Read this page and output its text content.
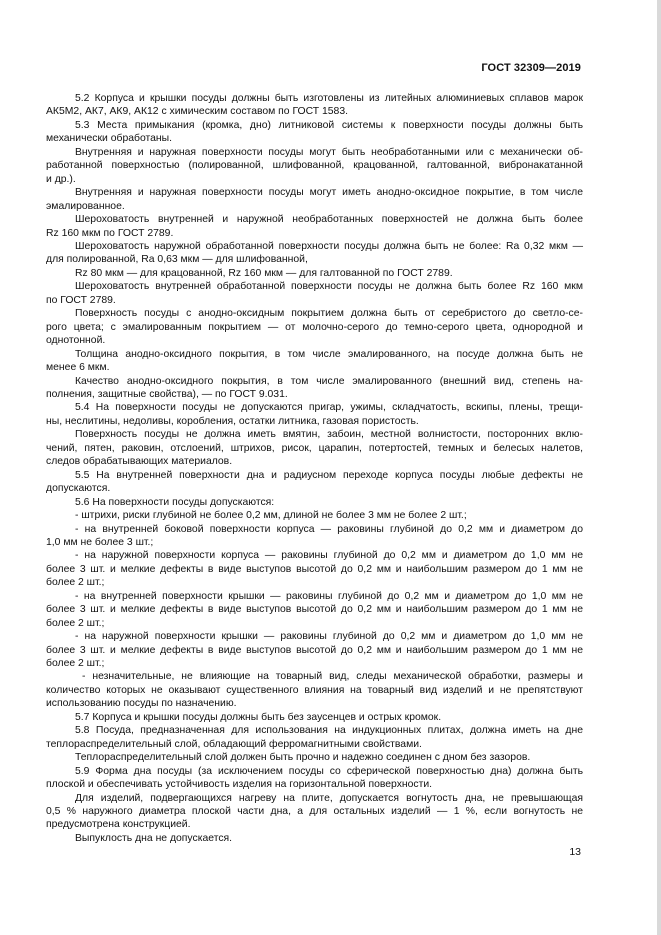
ГОСТ 32309—2019

5.2 Корпуса и крышки посуды должны быть изготовлены из литейных алюминиевых сплавов марок

АК5М2, АК7, АК9, АК12 с химическим составом по ГОСТ 1583.

5.3 Места примыкания (кромка, дно) литниковой системы к поверхности посуды должны быть

механически обработаны.

Внутренняя и наружная поверхности посуды могут быть необработанными или с механически об-

работанной поверхностью (полированной, шлифованной, крацованной, галтованной, вибронакатанной

и др.).

Внутренняя и наружная поверхности посуды могут иметь анодно-оксидное покрытие, в том числе

эмалированное.

Шероховатость внутренней и наружной необработанных поверхностей не должна быть более

Rz 160 мкм по ГОСТ 2789.

Шероховатость наружной обработанной поверхности посуды должна быть не более: Ra 0,32 мкм —

для полированной, Ra 0,63 мкм — для шлифованной,

Rz 80 мкм — для крацованной, Rz 160 мкм — для галтованной по ГОСТ 2789.

Шероховатость внутренней обработанной поверхности посуды не должна быть более Rz 160 мкм

по ГОСТ 2789.

Поверхность посуды с анодно-оксидным покрытием должна быть от серебристого до светло-се-

рого цвета; с эмалированным покрытием — от молочно-серого до темно-серого цвета, однородной и

однотонной.

Толщина анодно-оксидного покрытия, в том числе эмалированного, на посуде должна быть не

менее 6 мкм.

Качество анодно-оксидного покрытия, в том числе эмалированного (внешний вид, степень на-

полнения, защитные свойства), — по ГОСТ 9.031.

5.4 На поверхности посуды не допускаются пригар, ужимы, складчатость, вскипы, плены, трещи-

ны, неслитины, недоливы, коробления, остатки литника, газовая пористость.

Поверхность посуды не должна иметь вмятин, забоин, местной волнистости, посторонних вклю-

чений, пятен, раковин, отслоений, штрихов, рисок, царапин, потертостей, темных и белесых налетов,

следов обрабатывающих материалов.

5.5 На внутренней поверхности дна и радиусном переходе корпуса посуды любые дефекты не

допускаются.

5.6 На поверхности посуды допускаются:

- штрихи, риски глубиной не более 0,2 мм, длиной не более 3 мм не более 2 шт.;

- на внутренней боковой поверхности корпуса — раковины глубиной до 0,2 мм и диаметром до

1,0 мм не более 3 шт.;

- на наружной поверхности корпуса — раковины глубиной до 0,2 мм и диаметром до 1,0 мм не

более 3 шт. и мелкие дефекты в виде выступов высотой до 0,2 мм и наибольшим размером до 1 мм не

более 2 шт.;

- на внутренней поверхности крышки — раковины глубиной до 0,2 мм и диаметром до 1,0 мм не

более 3 шт. и мелкие дефекты в виде выступов высотой до 0,2 мм и наибольшим размером до 1 мм не

более 2 шт.;

- на наружной поверхности крышки — раковины глубиной до 0,2 мм и диаметром до 1,0 мм не

более 3 шт. и мелкие дефекты в виде выступов высотой до 0,2 мм и наибольшим размером до 1 мм не

более 2 шт.;

- незначительные, не влияющие на товарный вид, следы механической обработки, размеры и

количество которых не оказывают существенного влияния на товарный вид изделий и не препятствуют

использованию посуды по назначению.

5.7 Корпуса и крышки посуды должны быть без заусенцев и острых кромок.

5.8 Посуда, предназначенная для использования на индукционных плитах, должна иметь на дне

теплораспределительный слой, обладающий ферромагнитными свойствами.

Теплораспределительный слой должен быть прочно и надежно соединен с дном без зазоров.

5.9 Форма дна посуды (за исключением посуды со сферической поверхностью дна) должна быть

плоской и обеспечивать устойчивость изделия на горизонтальной поверхности.

Для изделий, подвергающихся нагреву на плите, допускается вогнутость дна, не превышающая

0,5 % наружного диаметра плоской части дна, а для остальных изделий — 1 %, если вогнутость не

предусмотрена конструкцией.

Выпуклость дна не допускается.

13
